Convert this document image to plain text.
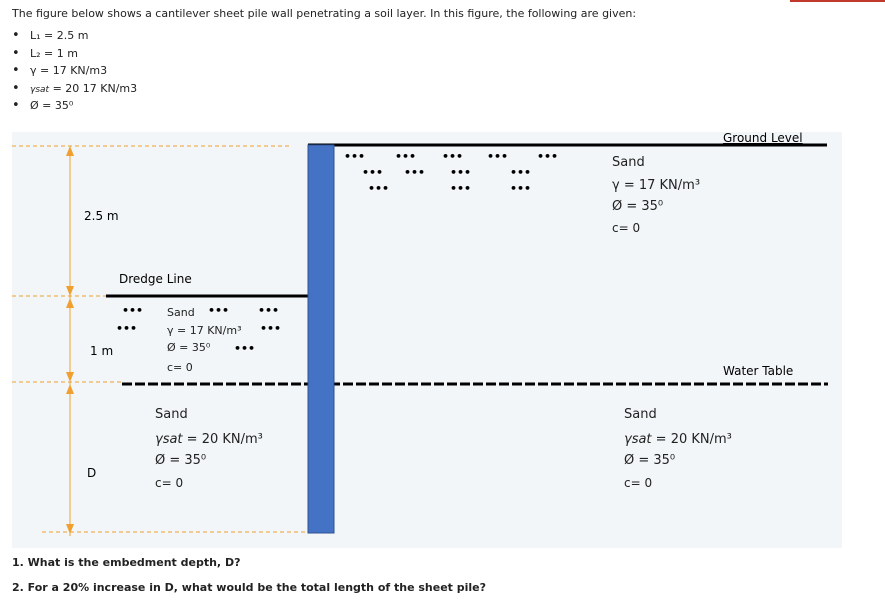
The figure below shows a cantilever sheet pile wall penetrating a soil layer. In this figure, the following are given:
• L₁ = 2.5 m
• L₂ = 1 m
• γ = 17 KN/m3
• γsat = 20 17 KN/m3
• Ø = 35⁰
2.5 m
1 m
D
Ground Level
Dredge Line
Water Table
•••	••• ••• •••	•••
••• ••• •••	•••
•••	•••	•••
•••	•••	•••
•••	•••
•••
Sand
γ = 17 KN/m³
Ø = 35⁰
c= 0
Sand
γ = 17 KN/m³
Ø = 35⁰
c= 0
Sand
γsat = 20 KN/m³
Ø = 35⁰
c= 0
Sand
γsat = 20 KN/m³
Ø = 35⁰
c= 0
1. What is the embedment depth, D?
2. For a 20% increase in D, what would be the total length of the sheet pile?
